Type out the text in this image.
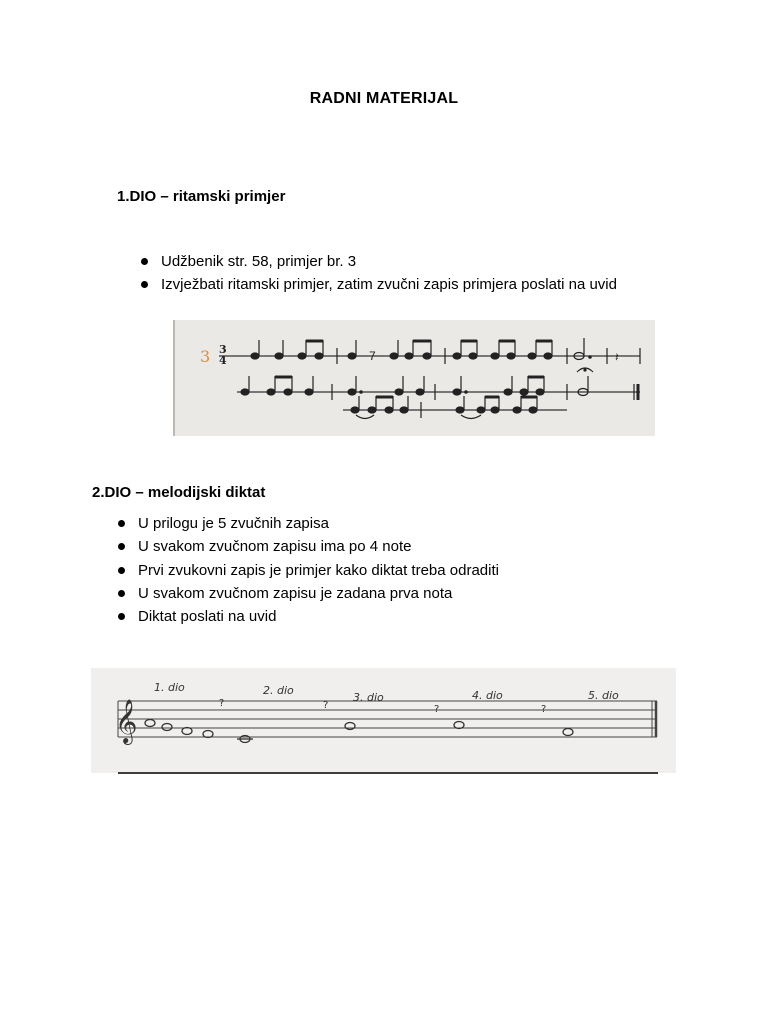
RADNI MATERIJAL
1.DIO – ritamski primjer
Udžbenik str. 58, primjer br. 3
Izvježbati ritamski primjer, zatim zvučni zapis primjera poslati na uvid
3 3
4	7	𝄽
2.DIO – melodijski diktat
U prilogu je 5 zvučnih zapisa
U svakom zvučnom zapisu ima po 4 note
Prvi zvukovni zapis je primjer kako diktat treba odraditi
U svakom zvučnom zapisu je zadana prva nota
Diktat poslati na uvid
𝄞
1. dio	2. dio
3. dio	4. dio	5. dio
?	?	?	?
